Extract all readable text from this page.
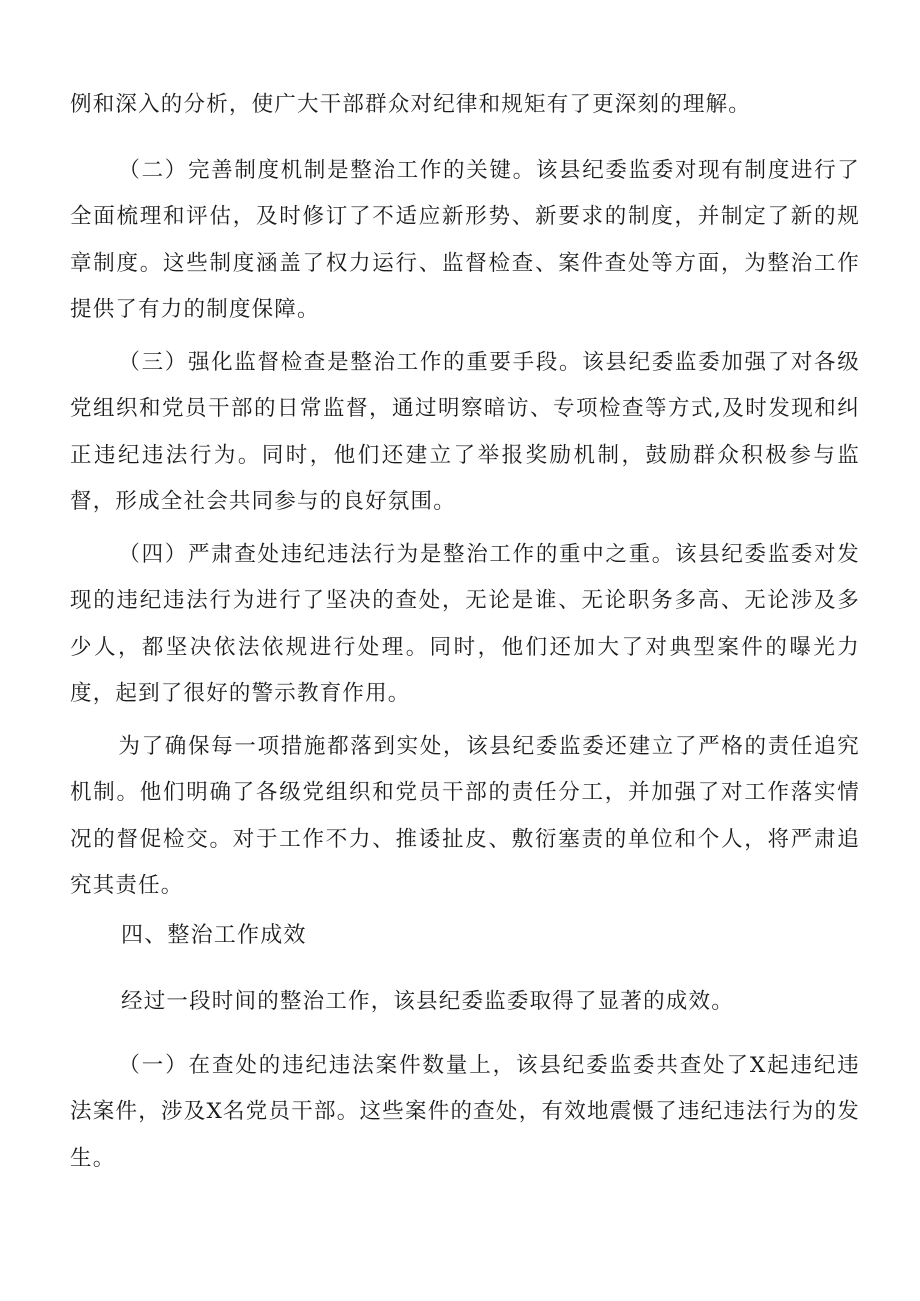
例和深入的分析，使广大干部群众对纪律和规矩有了更深刻的理解。

（二）完善制度机制是整治工作的关键。该县纪委监委对现有制度进行了全面梳理和评估，及时修订了不适应新形势、新要求的制度，并制定了新的规章制度。这些制度涵盖了权力运行、监督检查、案件查处等方面，为整治工作提供了有力的制度保障。

（三）强化监督检查是整治工作的重要手段。该县纪委监委加强了对各级党组织和党员干部的日常监督，通过明察暗访、专项检查等方式,及时发现和纠正违纪违法行为。同时，他们还建立了举报奖励机制，鼓励群众积极参与监督，形成全社会共同参与的良好氛围。

（四）严肃查处违纪违法行为是整治工作的重中之重。该县纪委监委对发现的违纪违法行为进行了坚决的查处，无论是谁、无论职务多高、无论涉及多少人，都坚决依法依规进行处理。同时，他们还加大了对典型案件的曝光力度，起到了很好的警示教育作用。

为了确保每一项措施都落到实处，该县纪委监委还建立了严格的责任追究机制。他们明确了各级党组织和党员干部的责任分工，并加强了对工作落实情况的督促检交。对于工作不力、推诿扯皮、敷衍塞责的单位和个人，将严肃追究其责任。

四、整治工作成效

经过一段时间的整治工作，该县纪委监委取得了显著的成效。

（一）在查处的违纪违法案件数量上，该县纪委监委共查处了X起违纪违法案件，涉及X名党员干部。这些案件的查处，有效地震慑了违纪违法行为的发生。
